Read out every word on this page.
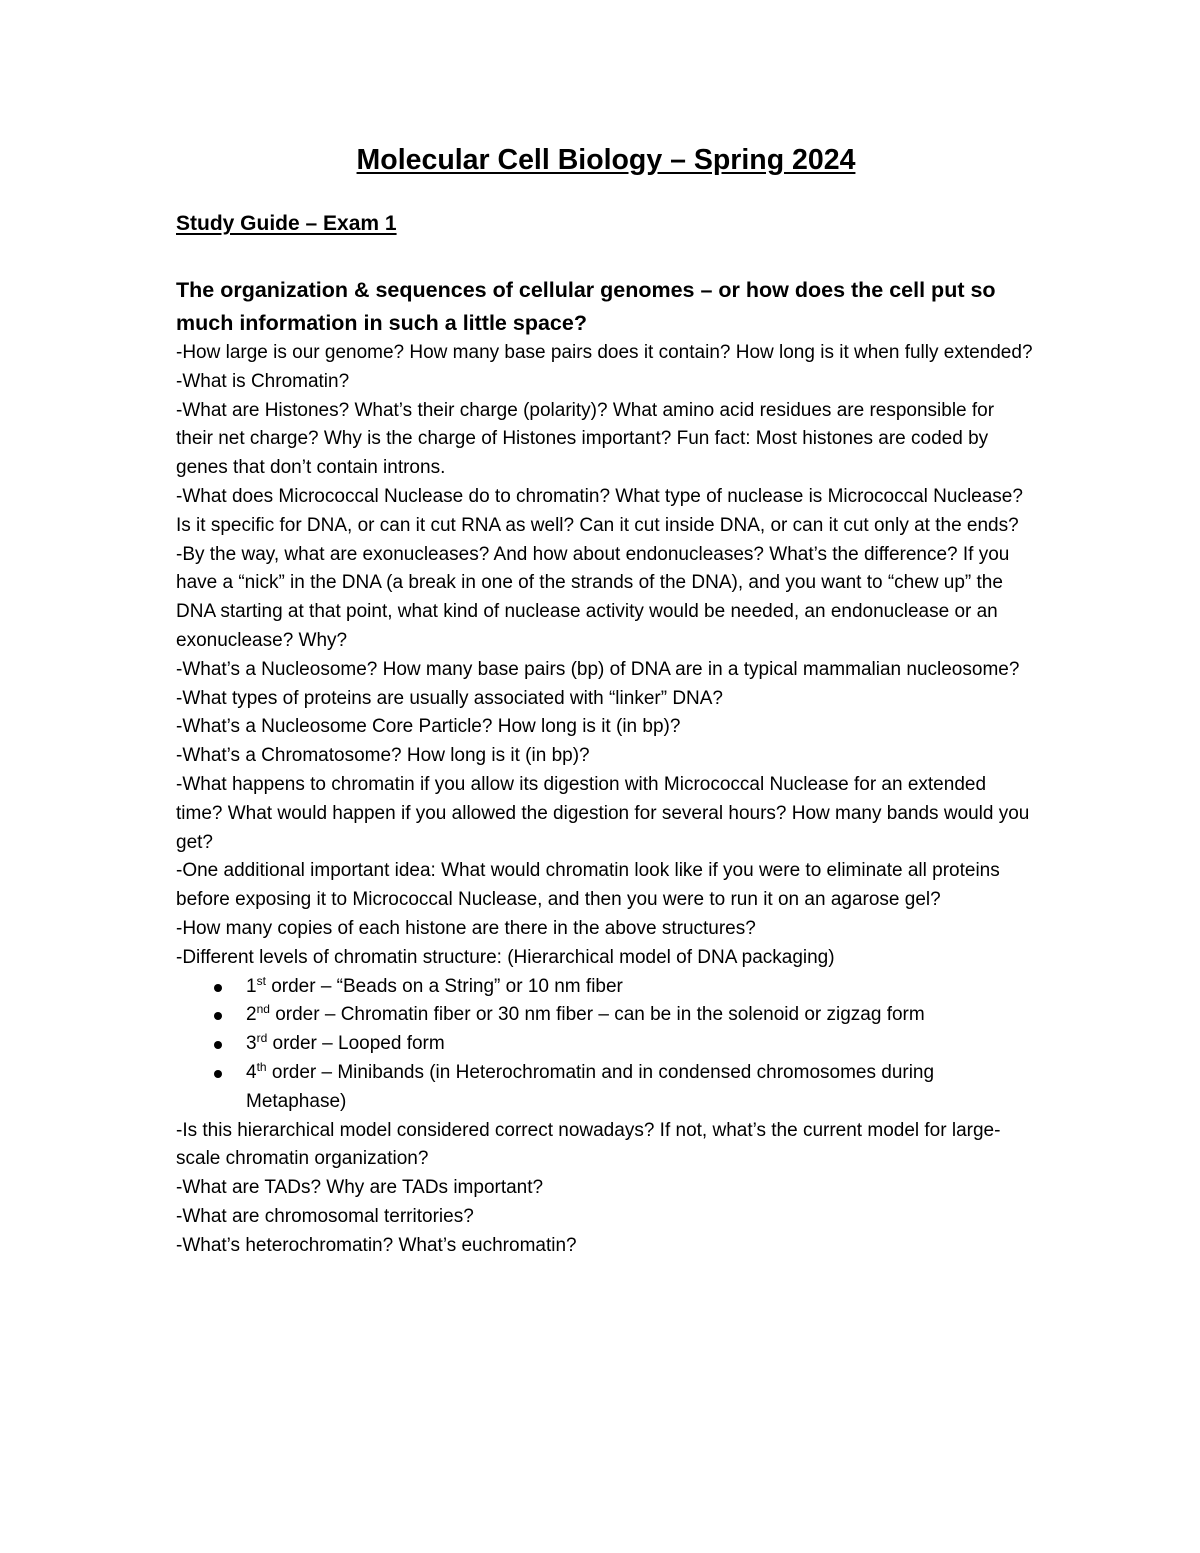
Molecular Cell Biology – Spring 2024
Study Guide – Exam 1
The organization & sequences of cellular genomes – or how does the cell put so much information in such a little space?

-How large is our genome? How many base pairs does it contain? How long is it when fully extended?

-What is Chromatin?

-What are Histones? What’s their charge (polarity)? What amino acid residues are responsible for their net charge? Why is the charge of Histones important? Fun fact: Most histones are coded by genes that don’t contain introns.

-What does Micrococcal Nuclease do to chromatin? What type of nuclease is Micrococcal Nuclease? Is it specific for DNA, or can it cut RNA as well? Can it cut inside DNA, or can it cut only at the ends?

-By the way, what are exonucleases? And how about endonucleases? What’s the difference? If you have a “nick” in the DNA (a break in one of the strands of the DNA), and you want to “chew up” the DNA starting at that point, what kind of nuclease activity would be needed, an endonuclease or an exonuclease? Why?

-What’s a Nucleosome? How many base pairs (bp) of DNA are in a typical mammalian nucleosome?

-What types of proteins are usually associated with “linker” DNA?

-What’s a Nucleosome Core Particle? How long is it (in bp)?

-What’s a Chromatosome? How long is it (in bp)?

-What happens to chromatin if you allow its digestion with Micrococcal Nuclease for an extended time? What would happen if you allowed the digestion for several hours? How many bands would you get?

-One additional important idea: What would chromatin look like if you were to eliminate all proteins before exposing it to Micrococcal Nuclease, and then you were to run it on an agarose gel?

-How many copies of each histone are there in the above structures?

-Different levels of chromatin structure: (Hierarchical model of DNA packaging)

1st order – “Beads on a String” or 10 nm fiber
2nd order – Chromatin fiber or 30 nm fiber – can be in the solenoid or zigzag form
3rd order – Looped form
4th order – Minibands (in Heterochromatin and in condensed chromosomes during Metaphase)

-Is this hierarchical model considered correct nowadays? If not, what’s the current model for large-scale chromatin organization?

-What are TADs? Why are TADs important?

-What are chromosomal territories?

-What’s heterochromatin? What’s euchromatin?
